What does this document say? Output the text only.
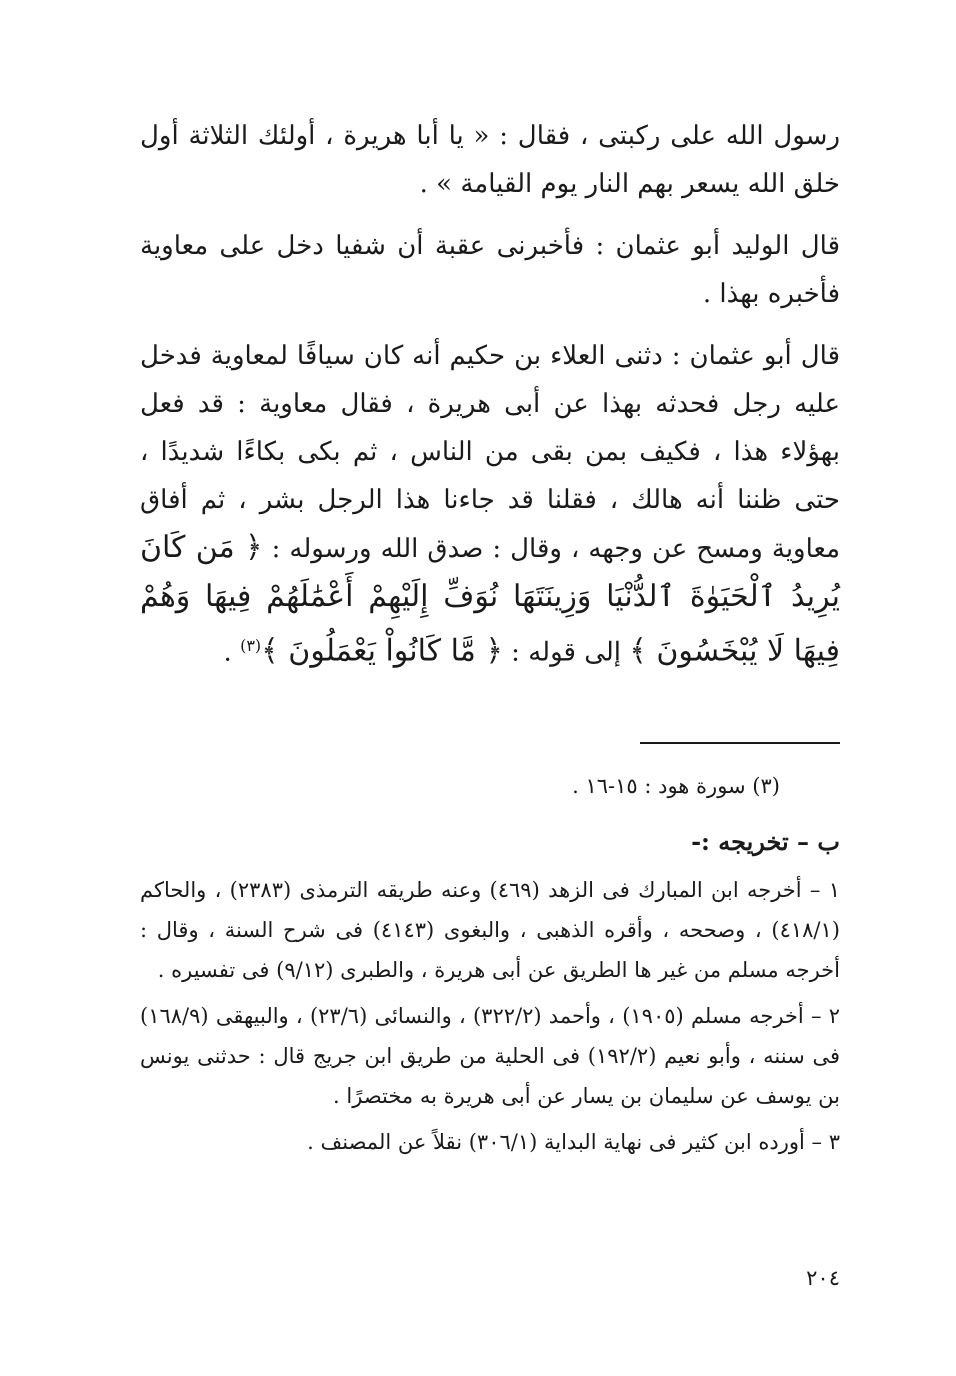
رسول الله على ركبتى ، فقال : « يا أبا هريرة ، أولئك الثلاثة أول خلق الله يسعر بهم النار يوم القيامة » .

قال الوليد أبو عثمان : فأخبرنى عقبة أن شفيا دخل على معاوية فأخبره بهذا .

قال أبو عثمان : دثنى العلاء بن حكيم أنه كان سيافًا لمعاوية فدخل عليه رجل فحدثه بهذا عن أبى هريرة ، فقال معاوية : قد فعل بهؤلاء هذا ، فكيف بمن بقى من الناس ، ثم بكى بكاءًا شديدًا ، حتى ظننا أنه هالك ، فقلنا قد جاءنا هذا الرجل بشر ، ثم أفاق معاوية ومسح عن وجهه ، وقال : صدق الله ورسوله : ﴿ مَن كَانَ يُرِيدُ ٱلْحَيَوٰةَ ٱلدُّنْيَا وَزِينَتَهَا نُوَفِّ إِلَيْهِمْ أَعْمَٰلَهُمْ فِيهَا وَهُمْ فِيهَا لَا يُبْخَسُونَ ﴾ إلى قوله : ﴿ مَّا كَانُواْ يَعْمَلُونَ ﴾$^{(٣)}$ .

(٣) سورة هود : ١٥-١٦ .
ب – تخريجه :-

١ – أخرجه ابن المبارك فى الزهد (٤٦٩) وعنه طريقه الترمذى (٢٣٨٣) ، والحاكم (٤١٨/١) ، وصححه ، وأقره الذهبى ، والبغوى (٤١٤٣) فى شرح السنة ، وقال : أخرجه مسلم من غير ها الطريق عن أبى هريرة ، والطبرى (٩/١٢) فى تفسيره .

٢ – أخرجه مسلم (١٩٠٥) ، وأحمد (٣٢٢/٢) ، والنسائى (٢٣/٦) ، والبيهقى (١٦٨/٩) فى سننه ، وأبو نعيم (١٩٢/٢) فى الحلية من طريق ابن جريج قال : حدثنى يونس بن يوسف عن سليمان بن يسار عن أبى هريرة به مختصرًا .

٣ – أورده ابن كثير فى نهاية البداية (٣٠٦/١) نقلاً عن المصنف .

٢٠٤
